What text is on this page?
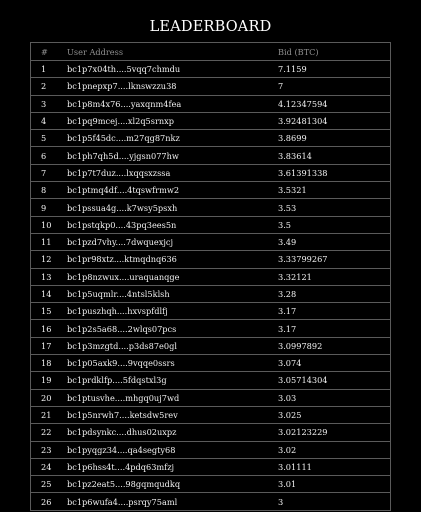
LEADERBOARD
#	User Address	Bid (BTC)
1	bc1p7x04th....5vqq7chmdu	7.1159
2	bc1pnepxp7....lknswzzu38	7
3	bc1p8m4x76....yaxqnm4fea	4.12347594
4	bc1pq9mcej....xl2q5srnxp	3.92481304
5	bc1p5f45dc....m27qg87nkz	3.8699
6	bc1ph7qh5d....yjgsn077hw	3.83614
7	bc1p7t7duz....lxqqsxzssa	3.61391338
8	bc1ptmq4df....4tqswfrmw2	3.5321
9	bc1pssua4g....k7wsy5psxh	3.53
10	bc1pstqkp0....43pq3ees5n	3.5
11	bc1pzd7vhy....7dwquexjcj	3.49
12	bc1pr98xtz....ktmqdnq636	3.33799267
13	bc1p8nzwux....uraquanqge	3.32121
14	bc1p5uqmlr....4ntsl5klsh	3.28
15	bc1puszhqh....hxvspfdlfj	3.17
16	bc1p2s5a68....2wlqs07pcs	3.17
17	bc1p3mzgtd....p3ds87e0gl	3.0997892
18	bc1p05axk9....9vqqe0ssrs	3.074
19	bc1prdklfp....5fdqstxl3g	3.05714304
20	bc1ptusvhe....mhgq0uj7wd	3.03
21	bc1p5nrwh7....ketsdw5rev	3.025
22	bc1pdsynkc....dhus02uxpz	3.02123229
23	bc1pyqgz34....qa4segty68	3.02
24	bc1p6hss4t....4pdq63mfzj	3.01111
25	bc1pz2eat5....98gqmqudkq	3.01
26	bc1p6wufa4....psrqy75aml	3
